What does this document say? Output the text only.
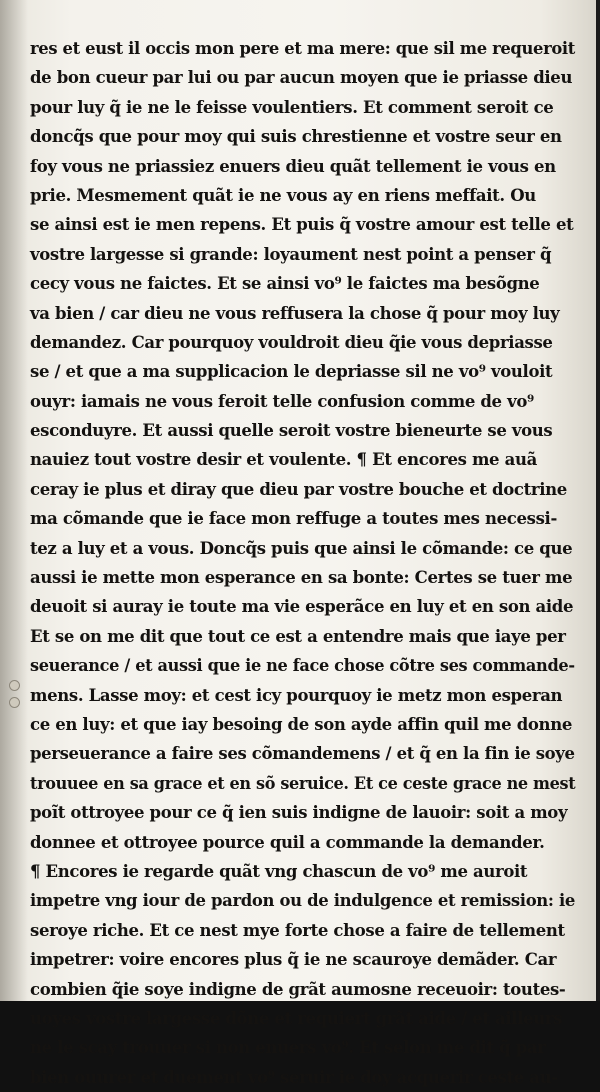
res et eust il occis mon pere et ma mere: que sil me requeroit
de bon cueur par lui ou par aucun moyen que ie priasse dieu
pour luy q̃ ie ne le feisse voulentiers. Et comment seroit ce
doncq̃s que pour moy qui suis chrestienne et vostre seur en
foy vous ne priassiez enuers dieu quãt tellement ie vous en
prie. Mesmement quãt ie ne vous ay en riens meffait. Ou
se ainsi est ie men repens. Et puis q̃ vostre amour est telle et
vostre largesse si grande: loyaument nest point a penser q̃
cecy vous ne faictes. Et se ainsi vo⁹ le faictes ma besõgne
va bien / car dieu ne vous reffusera la chose q̃ pour moy luy
demandez. Car pourquoy vouldroit dieu q̃ie vous depriasse
se / et que a ma supplicacion le depriasse sil ne vo⁹ vouloit
ouyr: iamais ne vous feroit telle confusion comme de vo⁹
esconduyre. Et aussi quelle seroit vostre bieneurte se vous
nauiez tout vostre desir et voulente. ¶ Et encores me auã
ceray ie plus et diray que dieu par vostre bouche et doctrine
ma cõmande que ie face mon reffuge a toutes mes necessi-
tez a luy et a vous. Doncq̃s puis que ainsi le cõmande: ce que
aussi ie mette mon esperance en sa bonte: Certes se tuer me
deuoit si auray ie toute ma vie esperãce en luy et en son aide
Et se on me dit que tout ce est a entendre mais que iaye per
seuerance / et aussi que ie ne face chose cõtre ses commande-
mens. Lasse moy: et cest icy pourquoy ie metz mon esperan
ce en luy: et que iay besoing de son ayde affin quil me donne
perseuerance a faire ses cõmandemens / et q̃ en la fin ie soye
trouuee en sa grace et en sõ seruice. Et ce ceste grace ne mest
poĩt ottroyee pour ce q̃ ien suis indigne de lauoir: soit a moy
donnee et ottroyee pource quil a commande la demander.
¶ Encores ie regarde quãt vng chascun de vo⁹ me auroit
impetre vng iour de pardon ou de indulgence et remission: ie
seroye riche. Et ce nest mye forte chose a faire de tellement
impetrer: voire encores plus q̃ ie ne scauroye demãder. Car
combien q̃ie soye indigne de grãt aumosne receuoir: toutes-
uoyes vostre largesse dõne et requiert grãt aide / et ailleurs
ne le scay trouuer si non enuers vo⁹. Et selon me dit q̃ par
bien ouurer et duement vo⁹ seruir ie doy acquerir ceste au-
